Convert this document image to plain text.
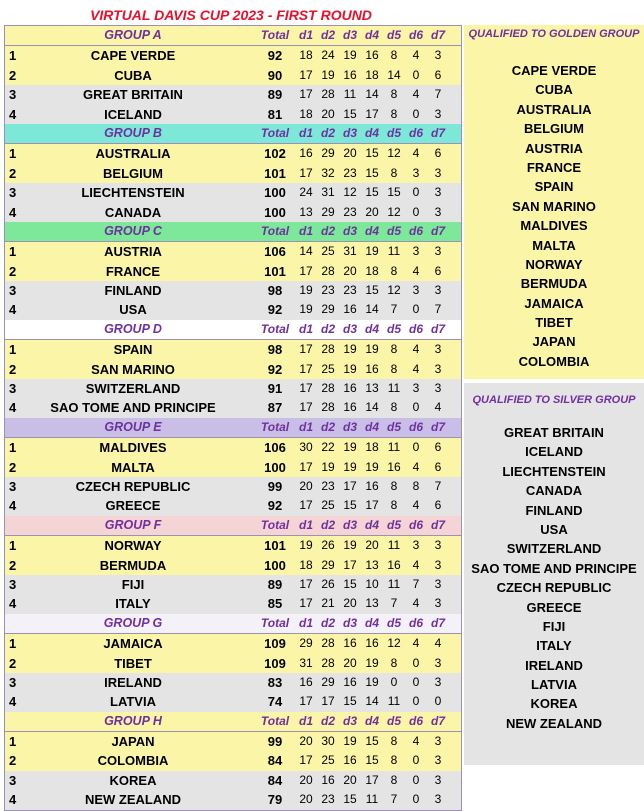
VIRTUAL DAVIS CUP 2023 - FIRST ROUND
GROUP A	Total d1 d2 d3 d4 d5 d6 d7
1	CAPE VERDE	92	18 24 19 16 8	4	3
2	CUBA	90	17 19 16 18 14 0	6
3	GREAT BRITAIN	89	17 28 11 14 8	4	7
4	ICELAND	81	18 20 15 17 8	0	3
GROUP B	Total d1 d2 d3 d4 d5 d6 d7
1	AUSTRALIA	102	16 29 20 15 12 4	6
2	BELGIUM	101	17 32 23 15 8	3	3
3	LIECHTENSTEIN	100	24 31 12 15 15 0	3
4	CANADA	100	13 29 23 20 12 0	3
GROUP C	Total d1 d2 d3 d4 d5 d6 d7
1	AUSTRIA	106	14 25 31 19 11	3	3
2	FRANCE	101	17 28 20 18 8	4	6
3	FINLAND	98	19 23 23 15 12 3	3
4	USA	92	19 29 16 14 7	0	7
GROUP D	Total d1 d2 d3 d4 d5 d6 d7
1	SPAIN	98	17 28 19 19 8	4	3
2	SAN MARINO	92	17 25 19 16 8	4	3
3	SWITZERLAND	91	17 28 16 13 11	3	3
4	SAO TOME AND PRINCIPE	87	17 28 16 14 8	0	4
GROUP E	Total d1 d2 d3 d4 d5 d6 d7
1	MALDIVES	106	30 22 19 18 11	0	6
2	MALTA	100	17 19 19 19 16 4	6
3	CZECH REPUBLIC	99	20 23 17 16 8	8	7
4	GREECE	92	17 25 15 17 8	4	6
GROUP F	Total d1 d2 d3 d4 d5 d6 d7
1	NORWAY	101	19 26 19 20 11	3	3
2	BERMUDA	100	18 29 17 13 16 4	3
3	FIJI	89	17 26 15 10 11	7	3
4	ITALY	85	17 21 20 13 7	4	3
GROUP G	Total d1 d2 d3 d4 d5 d6 d7
1	JAMAICA	109	29 28 16 16 12 4	4
2	TIBET	109	31 28 20 19 8	0	3
3	IRELAND	83	16 29 16 19 0	0	3
4	LATVIA	74	17 17 15 14 11	0	0
GROUP H	Total d1 d2 d3 d4 d5 d6 d7
1	JAPAN	99	20 30 19 15 8	4	3
2	COLOMBIA	84	17 25 16 15 8	0	3
3	KOREA	84	20 16 20 17 8	0	3
4	NEW ZEALAND	79	20 23 15 11	7	0	3
QUALIFIED TO GOLDEN GROUP
CAPE VERDE
CUBA
AUSTRALIA
BELGIUM
AUSTRIA
FRANCE
SPAIN
SAN MARINO
MALDIVES
MALTA
NORWAY
BERMUDA
JAMAICA
TIBET
JAPAN
COLOMBIA
QUALIFIED TO SILVER GROUP
GREAT BRITAIN
ICELAND
LIECHTENSTEIN
CANADA
FINLAND
USA
SWITZERLAND
SAO TOME AND PRINCIPE
CZECH REPUBLIC
GREECE
FIJI
ITALY
IRELAND
LATVIA
KOREA
NEW ZEALAND
